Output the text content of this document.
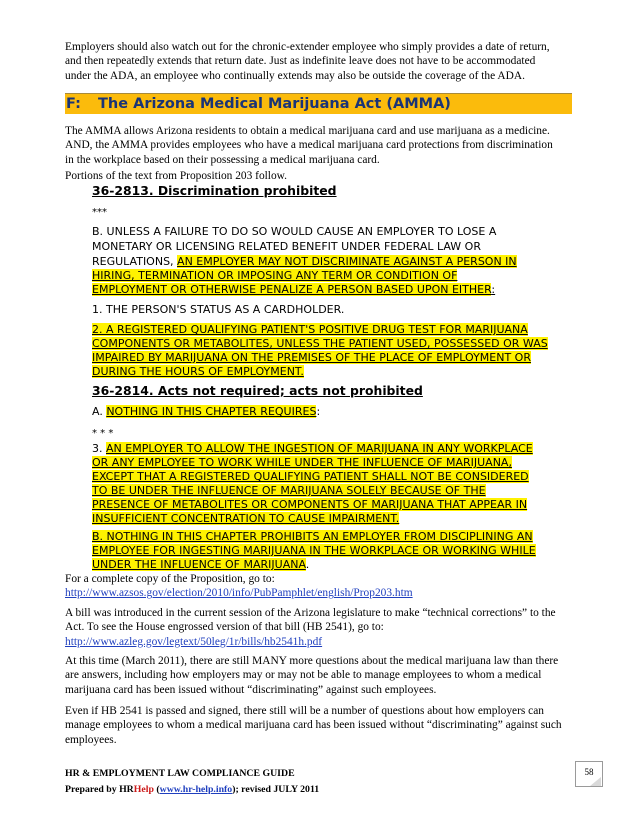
Employers should also watch out for the chronic-extender employee who simply provides a date of return,

and then repeatedly extends that return date. Just as indefinite leave does not have to be accommodated

under the ADA, an employee who continually extends may also be outside the coverage of the ADA.

F: The Arizona Medical Marijuana Act (AMMA)

The AMMA allows Arizona residents to obtain a medical marijuana card and use marijuana as a medicine.

AND, the AMMA provides employees who have a medical marijuana card protections from discrimination

in the workplace based on their possessing a medical marijuana card.

Portions of the text from Proposition 203 follow.

36-2813. Discrimination prohibited
***
B. UNLESS A FAILURE TO DO SO WOULD CAUSE AN EMPLOYER TO LOSE A
MONETARY OR LICENSING RELATED BENEFIT UNDER FEDERAL LAW OR
REGULATIONS, AN EMPLOYER MAY NOT DISCRIMINATE AGAINST A PERSON IN
HIRING, TERMINATION OR IMPOSING ANY TERM OR CONDITION OF
EMPLOYMENT OR OTHERWISE PENALIZE A PERSON BASED UPON EITHER:
1. THE PERSON'S STATUS AS A CARDHOLDER.
2. A REGISTERED QUALIFYING PATIENT'S POSITIVE DRUG TEST FOR MARIJUANA
COMPONENTS OR METABOLITES, UNLESS THE PATIENT USED, POSSESSED OR WAS
IMPAIRED BY MARIJUANA ON THE PREMISES OF THE PLACE OF EMPLOYMENT OR
DURING THE HOURS OF EMPLOYMENT.
36-2814. Acts not required; acts not prohibited
A. NOTHING IN THIS CHAPTER REQUIRES:
* * *
3. AN EMPLOYER TO ALLOW THE INGESTION OF MARIJUANA IN ANY WORKPLACE
OR ANY EMPLOYEE TO WORK WHILE UNDER THE INFLUENCE OF MARIJUANA,
EXCEPT THAT A REGISTERED QUALIFYING PATIENT SHALL NOT BE CONSIDERED
TO BE UNDER THE INFLUENCE OF MARIJUANA SOLELY BECAUSE OF THE
PRESENCE OF METABOLITES OR COMPONENTS OF MARIJUANA THAT APPEAR IN
INSUFFICIENT CONCENTRATION TO CAUSE IMPAIRMENT.
B. NOTHING IN THIS CHAPTER PROHIBITS AN EMPLOYER FROM DISCIPLINING AN
EMPLOYEE FOR INGESTING MARIJUANA IN THE WORKPLACE OR WORKING WHILE
UNDER THE INFLUENCE OF MARIJUANA.

For a complete copy of the Proposition, go to:

http://www.azsos.gov/election/2010/info/PubPamphlet/english/Prop203.htm

A bill was introduced in the current session of the Arizona legislature to make “technical corrections” to the

Act. To see the House engrossed version of that bill (HB 2541), go to:

http://www.azleg.gov/legtext/50leg/1r/bills/hb2541h.pdf

At this time (March 2011), there are still MANY more questions about the medical marijuana law than there

are answers, including how employers may or may not be able to manage employees to whom a medical

marijuana card has been issued without “discriminating” against such employees.

Even if HB 2541 is passed and signed, there still will be a number of questions about how employers can

manage employees to whom a medical marijuana card has been issued without “discriminating” against such

employees.

HR & EMPLOYMENT LAW COMPLIANCE GUIDE
Prepared by HRHelp (www.hr-help.info); revised JULY 2011
58
